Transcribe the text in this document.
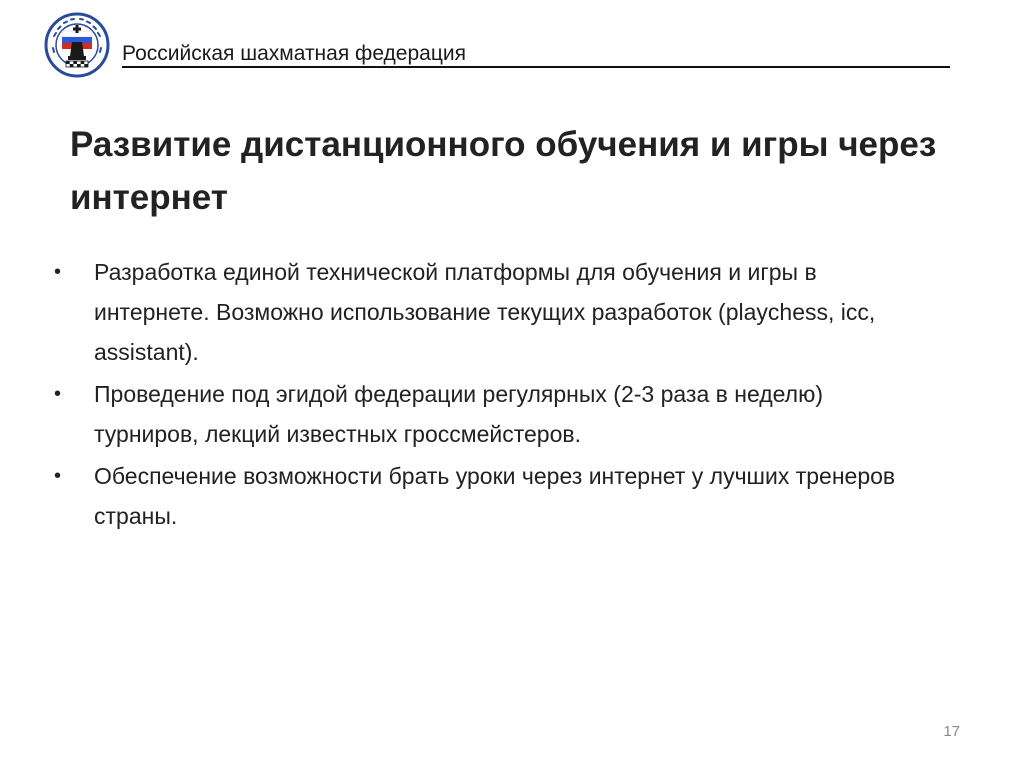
Российская шахматная федерация
Развитие дистанционного обучения и игры через интернет
•	Разработка единой технической платформы для обучения и игры в интернете. Возможно использование текущих разработок (playchess, icc, assistant).
•	Проведение под эгидой федерации регулярных (2-3 раза в неделю) турниров, лекций известных гроссмейстеров.
•	Обеспечение возможности брать уроки через интернет у лучших тренеров страны.
17
